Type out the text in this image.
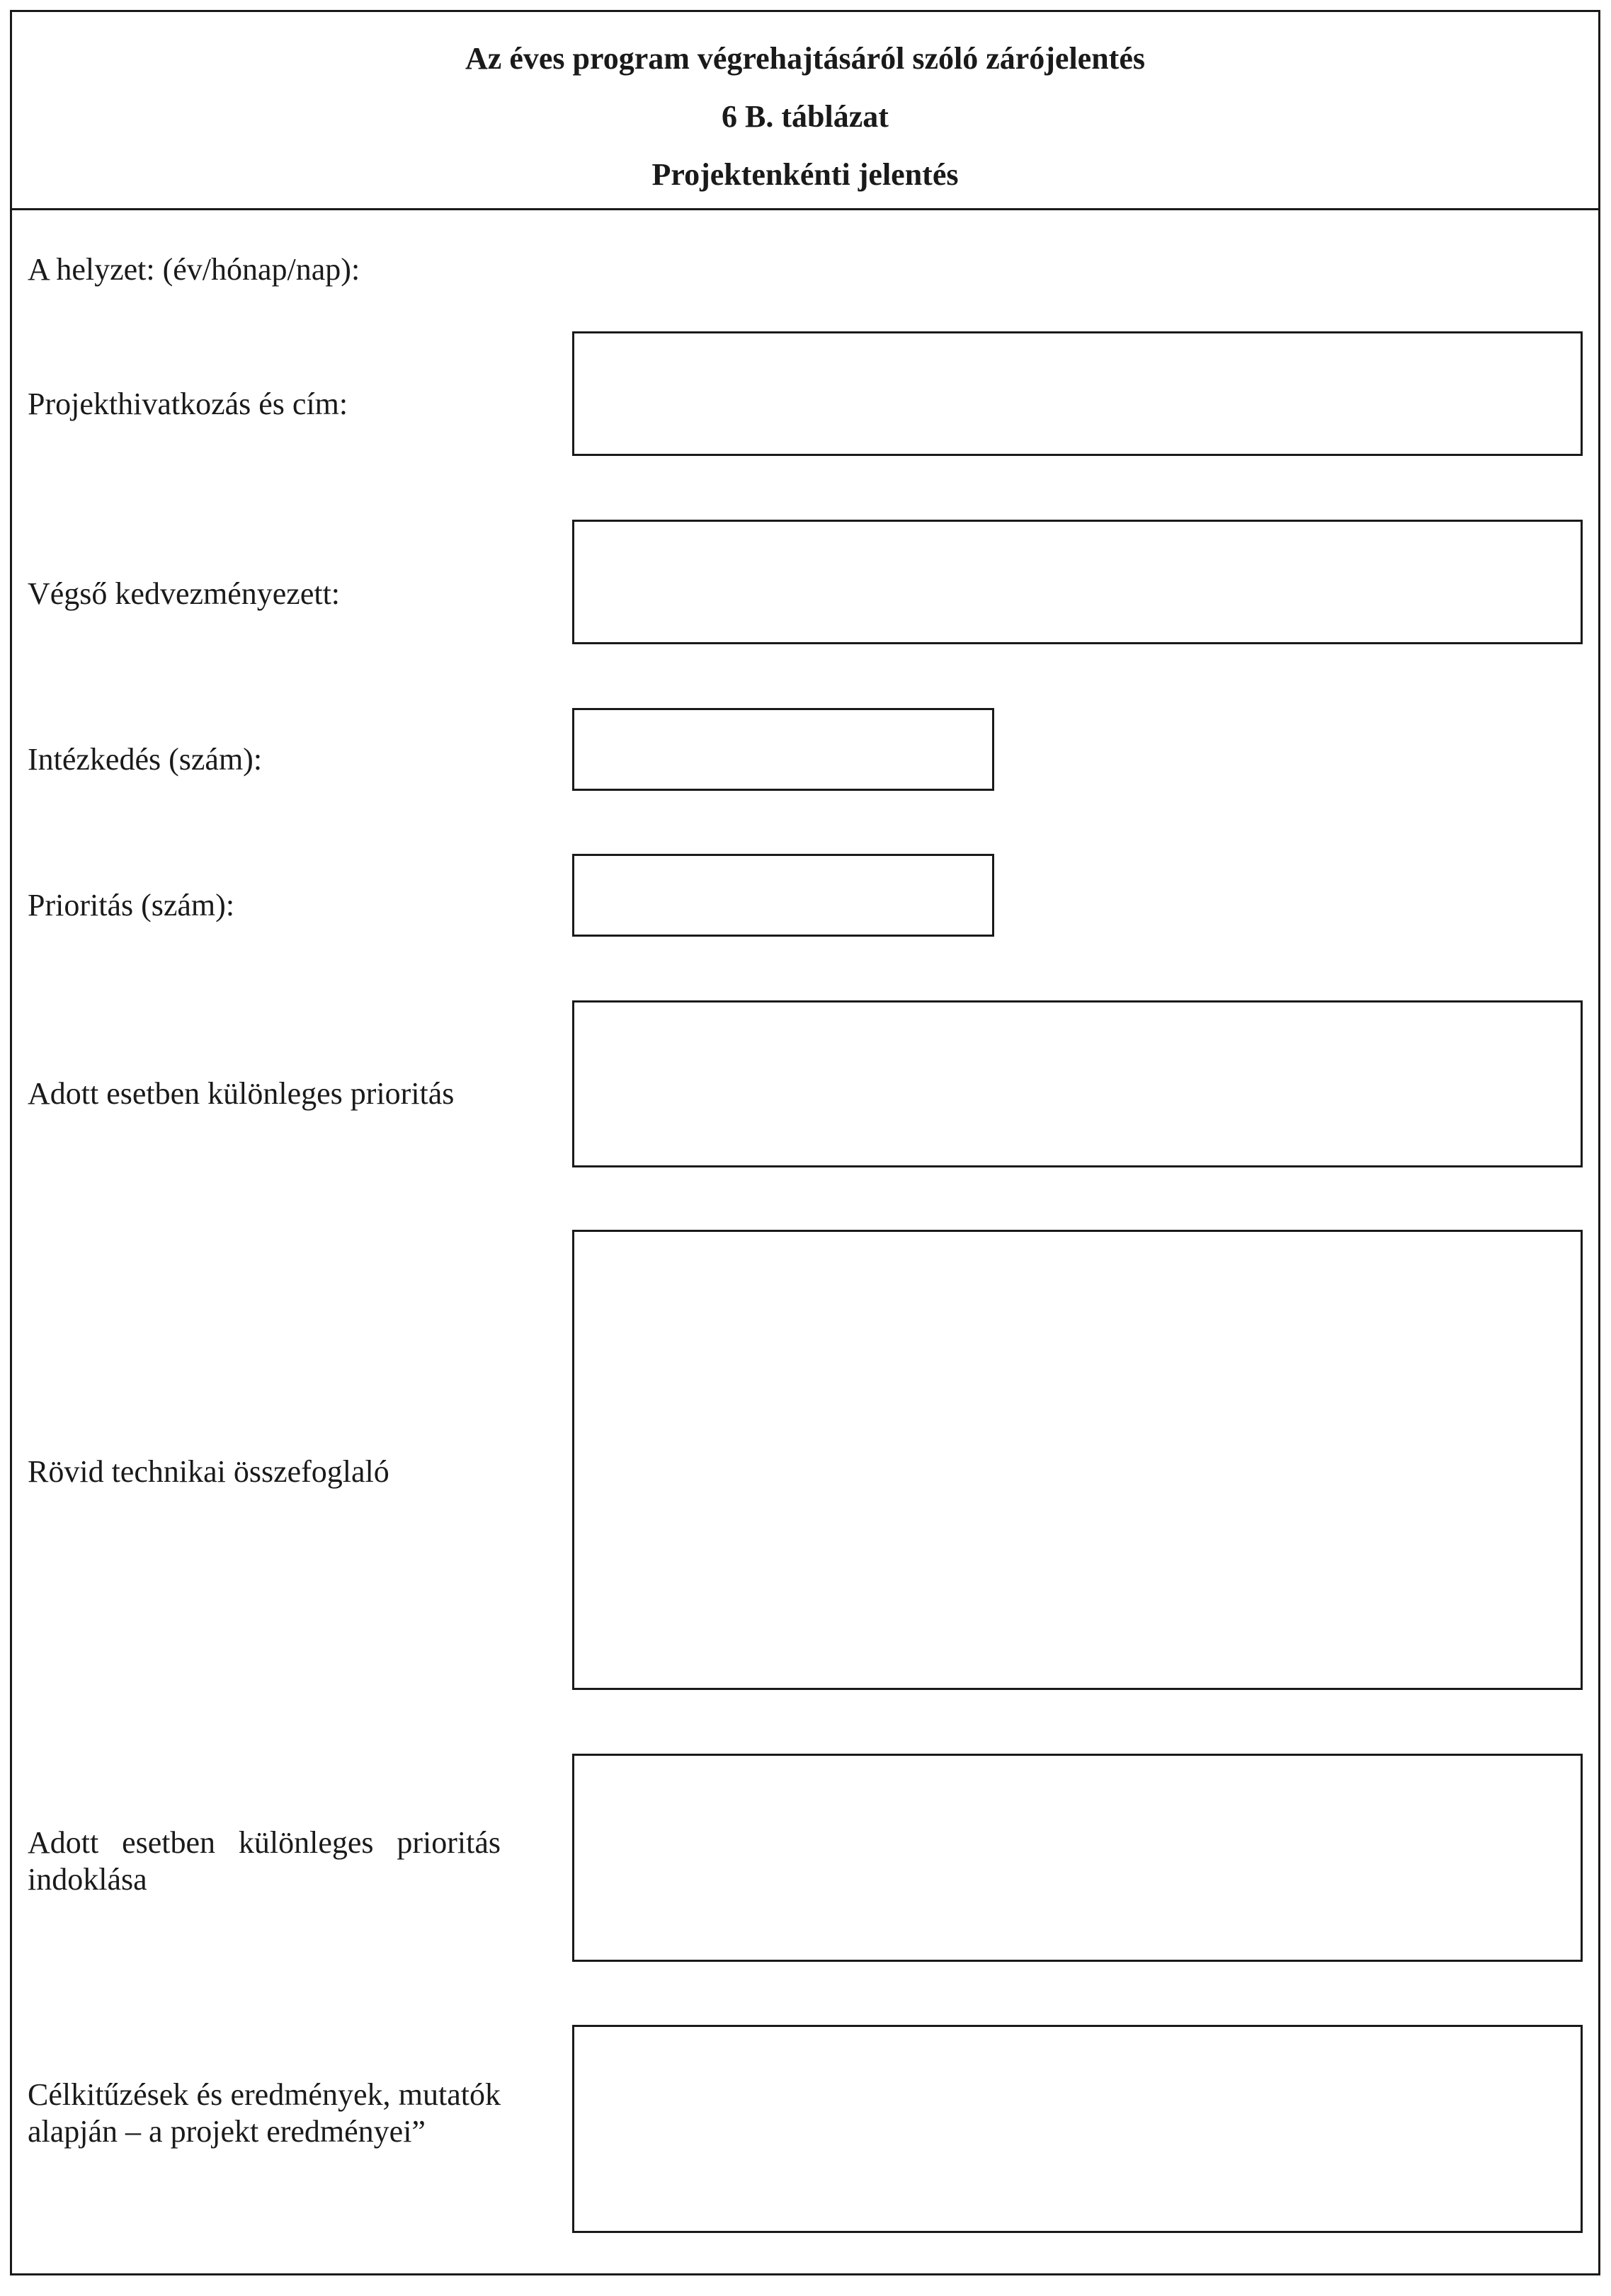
Az éves program végrehajtásáról szóló zárójelentés
6 B. táblázat
Projektenkénti jelentés
A helyzet: (év/hónap/nap):
Projekthivatkozás és cím:
Végső kedvezményezett:
Intézkedés (szám):
Prioritás (szám):
Adott esetben különleges prioritás
Rövid technikai összefoglaló
Adott esetben különleges prioritás indoklása
Célkitűzések és eredmények, mutatók alapján – a projekt eredményei”
